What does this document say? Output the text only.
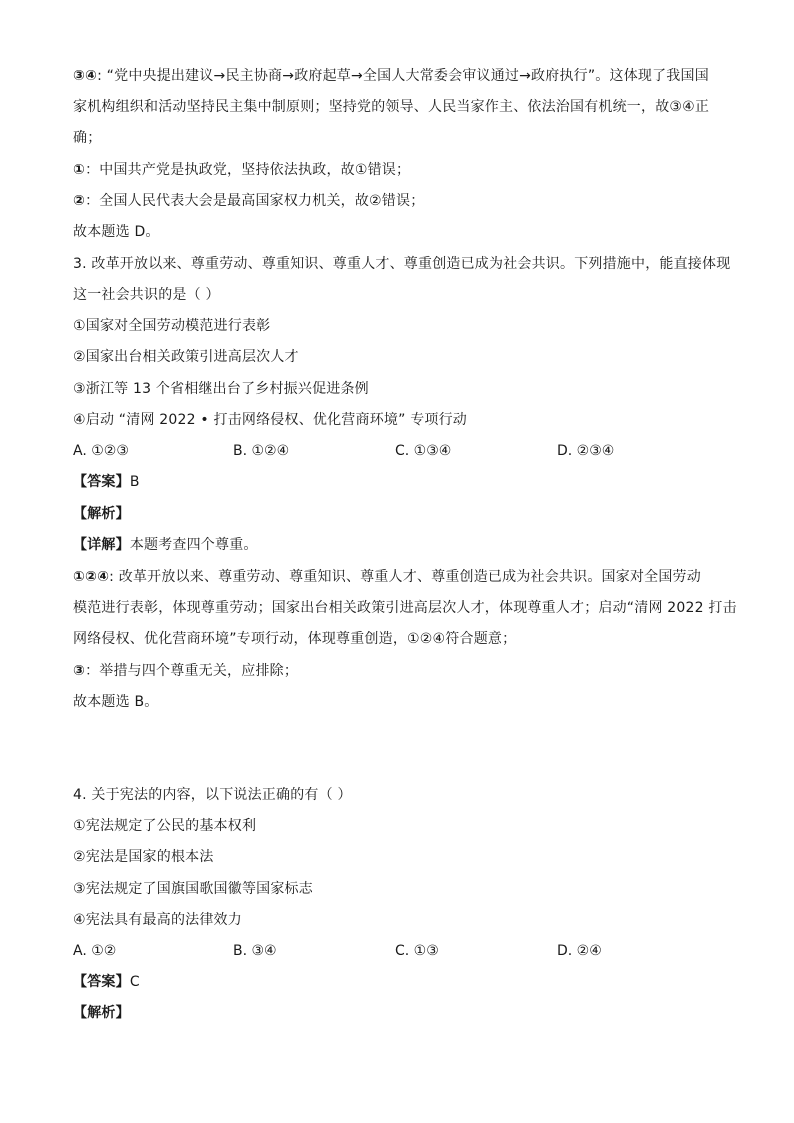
③④: “党中央提出建议→民主协商→政府起草→全国人大常委会审议通过→政府执行”。这体现了我国国
家机构组织和活动坚持民主集中制原则；坚持党的领导、人民当家作主、依法治国有机统一，故③④正
确；
①：中国共产党是执政党，坚持依法执政，故①错误；
②：全国人民代表大会是最高国家权力机关，故②错误；
故本题选 D。
3. 改革开放以来、尊重劳动、尊重知识、尊重人才、尊重创造已成为社会共识。下列措施中，能直接体现
这一社会共识的是（ ）
①国家对全国劳动模范进行表彰
②国家出台相关政策引进高层次人才
③浙江等 13 个省相继出台了乡村振兴促进条例
④启动 “清网 2022 • 打击网络侵权、优化营商环境” 专项行动
A. ①②③	B. ①②④	C. ①③④	D. ②③④
【答案】B
【解析】
【详解】本题考查四个尊重。
①②④: 改革开放以来、尊重劳动、尊重知识、尊重人才、尊重创造已成为社会共识。国家对全国劳动
模范进行表彰，体现尊重劳动；国家出台相关政策引进高层次人才，体现尊重人才；启动“清网 2022 打击
网络侵权、优化营商环境”专项行动，体现尊重创造，①②④符合题意；
③：举措与四个尊重无关，应排除；
故本题选 B。
4. 关于宪法的内容，以下说法正确的有（ ）
①宪法规定了公民的基本权利
②宪法是国家的根本法
③宪法规定了国旗国歌国徽等国家标志
④宪法具有最高的法律效力
A. ①②	B. ③④	C. ①③	D. ②④
【答案】C
【解析】
